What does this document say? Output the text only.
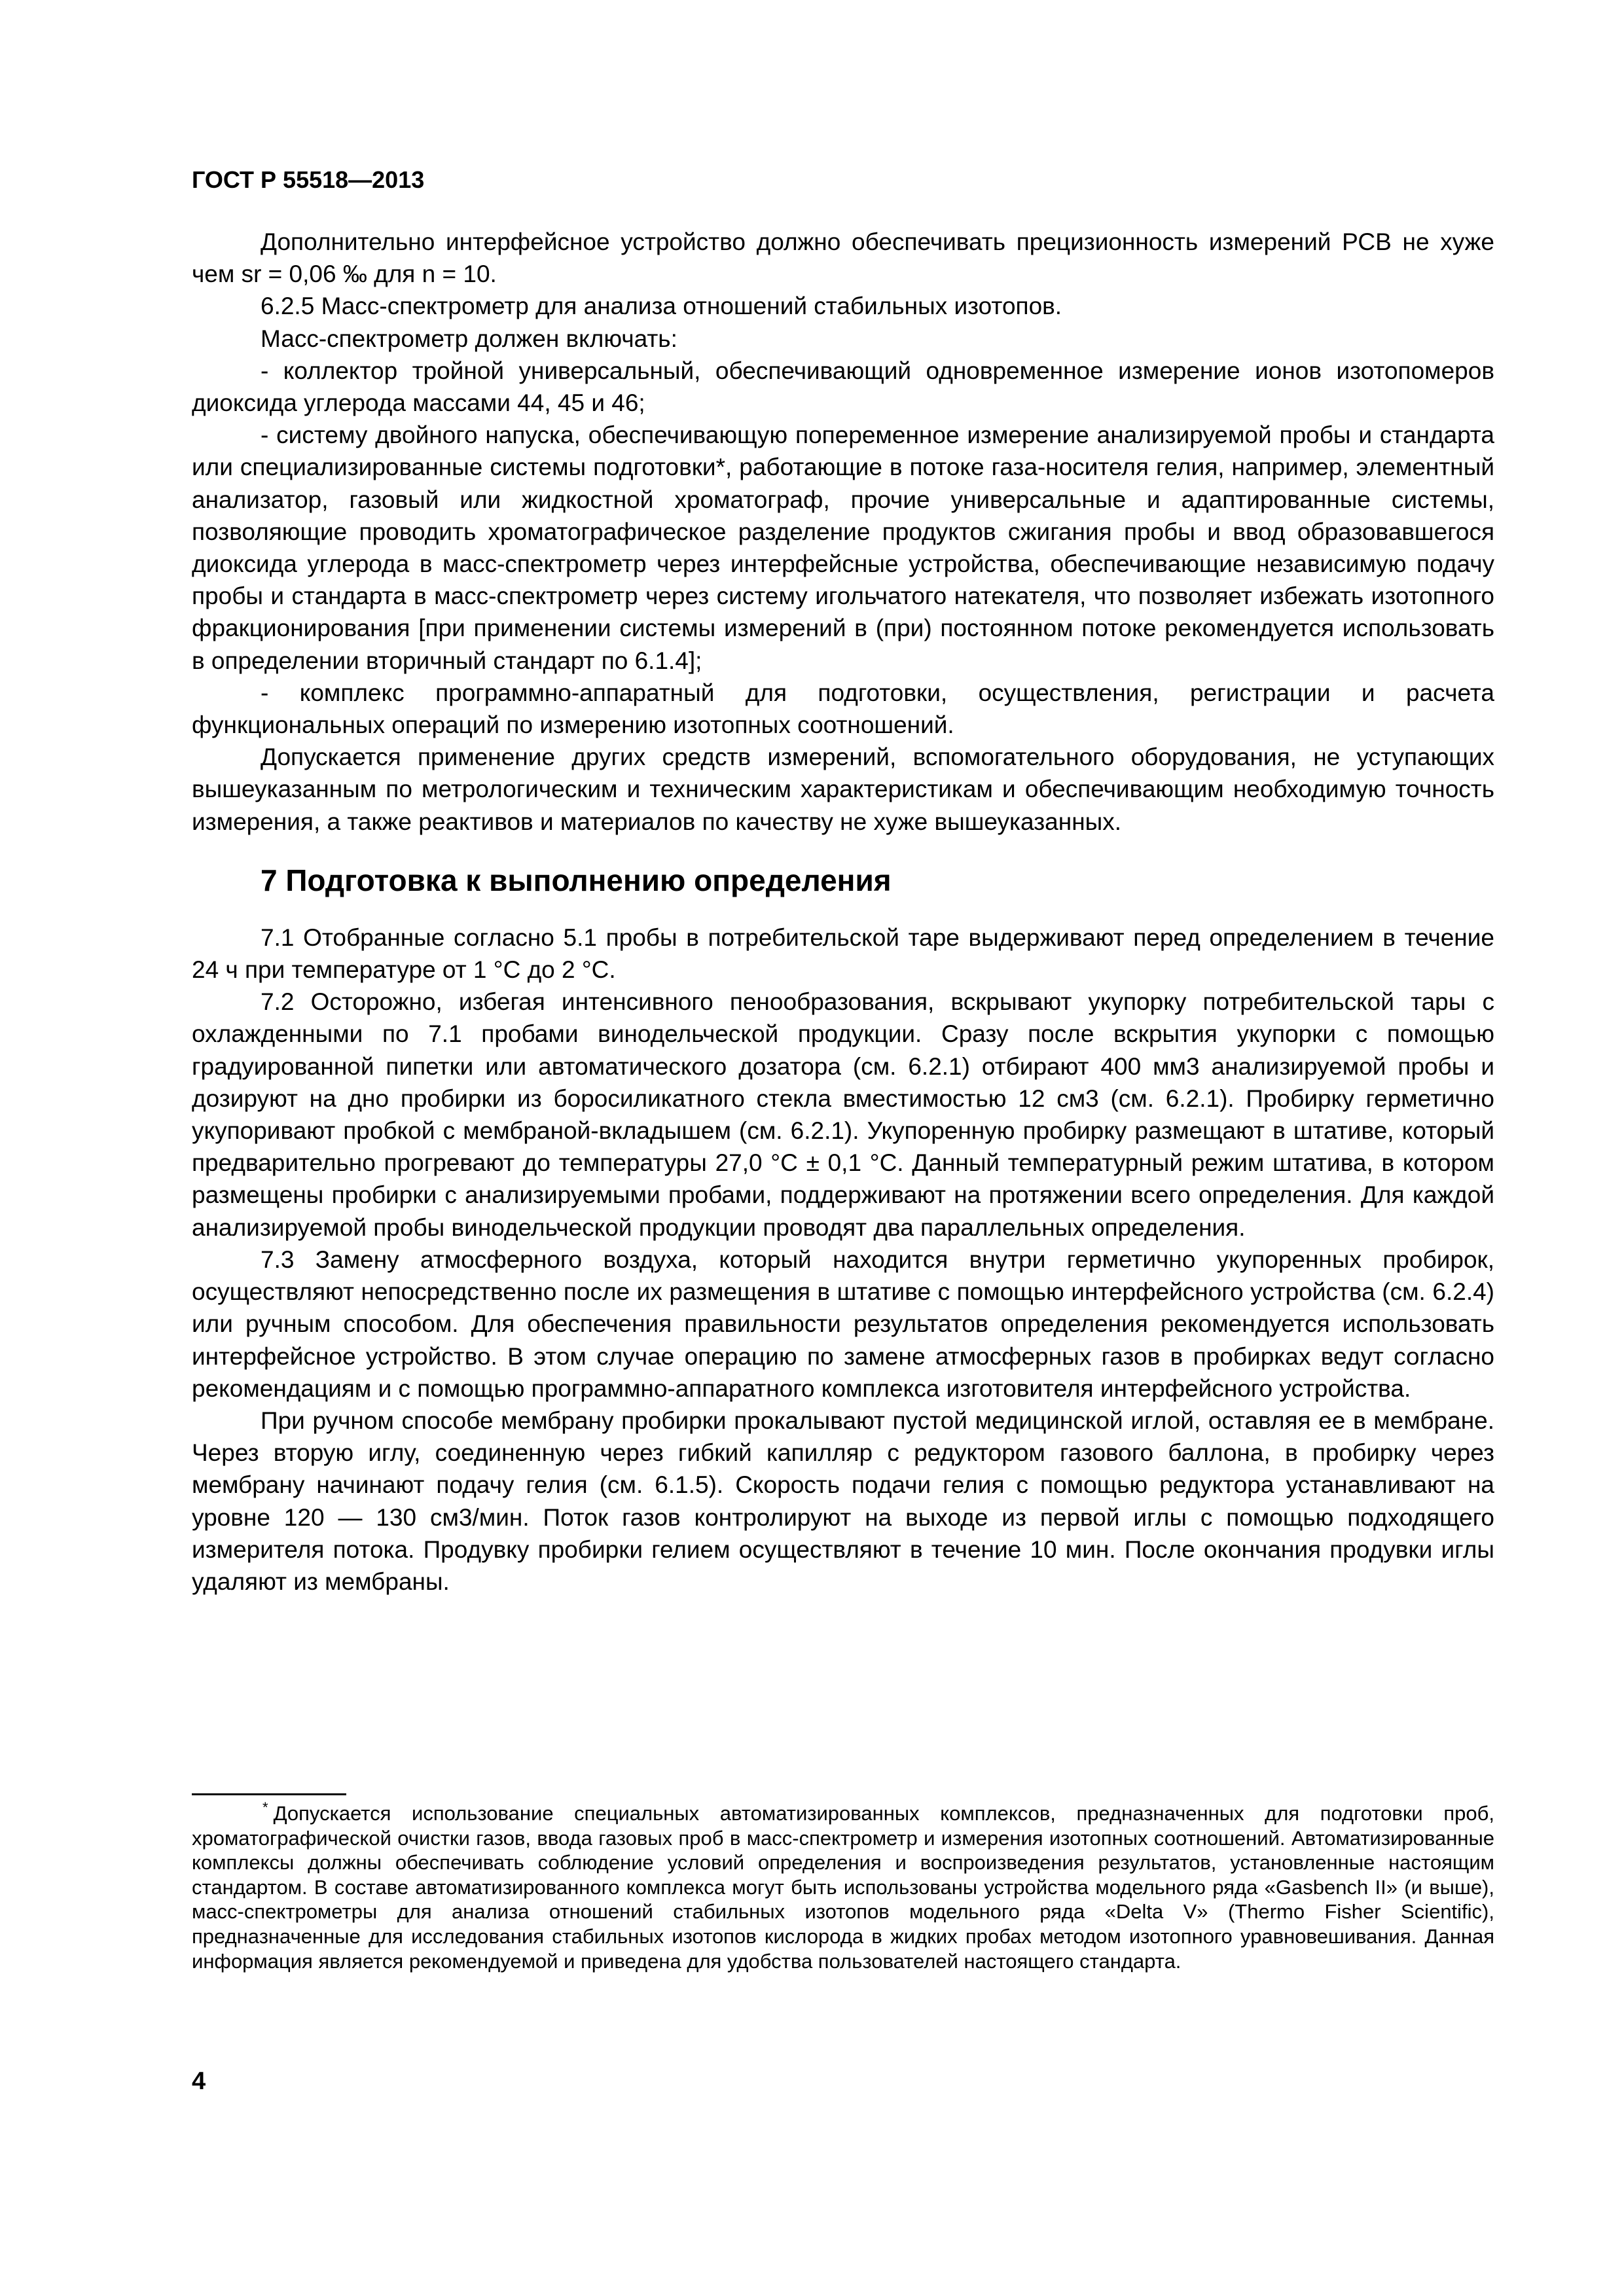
ГОСТ Р 55518—2013

Дополнительно интерфейсное устройство должно обеспечивать прецизионность измерений РСВ не хуже чем sr = 0,06 ‰ для n = 10.

6.2.5 Масс-спектрометр для анализа отношений стабильных изотопов.

Масс-спектрометр должен включать:

- коллектор тройной универсальный, обеспечивающий одновременное измерение ионов изотопомеров диоксида углерода массами 44, 45 и 46;

- систему двойного напуска, обеспечивающую попеременное измерение анализируемой пробы и стандарта или специализированные системы подготовки*, работающие в потоке газа-носителя гелия, например, элементный анализатор, газовый или жидкостной хроматограф, прочие универсальные и адаптированные системы, позволяющие проводить хроматографическое разделение продуктов сжигания пробы и ввод образовавшегося диоксида углерода в масс-спектрометр через интерфейсные устройства, обеспечивающие независимую подачу пробы и стандарта в масс-спектрометр через систему игольчатого натекателя, что позволяет избежать изотопного фракционирования [при применении системы измерений в (при) постоянном потоке рекомендуется использовать в определении вторичный стандарт по 6.1.4];

- комплекс программно-аппаратный для подготовки, осуществления, регистрации и расчета функциональных операций по измерению изотопных соотношений.

Допускается применение других средств измерений, вспомогательного оборудования, не уступающих вышеуказанным по метрологическим и техническим характеристикам и обеспечивающим необходимую точность измерения, а также реактивов и материалов по качеству не хуже вышеуказанных.

7 Подготовка к выполнению определения

7.1 Отобранные согласно 5.1 пробы в потребительской таре выдерживают перед определением в течение 24 ч при температуре от 1 °С до 2 °С.

7.2 Осторожно, избегая интенсивного пенообразования, вскрывают укупорку потребительской тары с охлажденными по 7.1 пробами винодельческой продукции. Сразу после вскрытия укупорки с помощью градуированной пипетки или автоматического дозатора (см. 6.2.1) отбирают 400 мм3 анализируемой пробы и дозируют на дно пробирки из боросиликатного стекла вместимостью 12 см3 (см. 6.2.1). Пробирку герметично укупоривают пробкой с мембраной-вкладышем (см. 6.2.1). Укупоренную пробирку размещают в штативе, который предварительно прогревают до температуры 27,0 °С ± 0,1 °С. Данный температурный режим штатива, в котором размещены пробирки с анализируемыми пробами, поддерживают на протяжении всего определения. Для каждой анализируемой пробы винодельческой продукции проводят два параллельных определения.

7.3 Замену атмосферного воздуха, который находится внутри герметично укупоренных пробирок, осуществляют непосредственно после их размещения в штативе с помощью интерфейсного устройства (см. 6.2.4) или ручным способом. Для обеспечения правильности результатов определения рекомендуется использовать интерфейсное устройство. В этом случае операцию по замене атмосферных газов в пробирках ведут согласно рекомендациям и с помощью программно-аппаратного комплекса изготовителя интерфейсного устройства.

При ручном способе мембрану пробирки прокалывают пустой медицинской иглой, оставляя ее в мембране. Через вторую иглу, соединенную через гибкий капилляр с редуктором газового баллона, в пробирку через мембрану начинают подачу гелия (см. 6.1.5). Скорость подачи гелия с помощью редуктора устанавливают на уровне 120 — 130 см3/мин. Поток газов контролируют на выходе из первой иглы с помощью подходящего измерителя потока. Продувку пробирки гелием осуществляют в течение 10 мин. После окончания продувки иглы удаляют из мембраны.

* Допускается использование специальных автоматизированных комплексов, предназначенных для подготовки проб, хроматографической очистки газов, ввода газовых проб в масс-спектрометр и измерения изотопных соотношений. Автоматизированные комплексы должны обеспечивать соблюдение условий определения и воспроизведения результатов, установленные настоящим стандартом. В составе автоматизированного комплекса могут быть использованы устройства модельного ряда «Gasbench II» (и выше), масс-спектрометры для анализа отношений стабильных изотопов модельного ряда «Delta V» (Thermo Fisher Scientific), предназначенные для исследования стабильных изотопов кислорода в жидких пробах методом изотопного уравновешивания. Данная информация является рекомендуемой и приведена для удобства пользователей настоящего стандарта.
4
